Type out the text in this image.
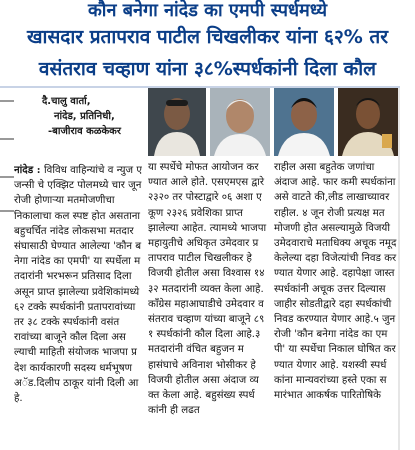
कौन बनेगा नांदेड का एमपी स्पर्धमध्ये
खासदार प्रतापराव पाटील चिखलीकर यांना ६२% तर
वसंतराव चव्हाण यांना ३८%स्पर्धकांनी दिला कौल
दै.चालु वार्ता,
नांदेड, प्रतिनिधी,
-बाजीराव कळकेकर
नांदेड : विविध वाहिन्यांचे व न्युज एजन्सी चे एक्झिट पोलमध्ये चार जून रोजी होणाऱ्या मतमोजणीचा निकालाचा कल स्पष्ट होत असताना बहुचर्चित नांदेड लोकसभा मतदारसंघासाठी घेण्यात आलेल्या 'कौन बनेगा नांदेड का एमपी' या स्पर्धेला मतदारांनी भरभरून प्रतिसाद दिला असून प्राप्त झालेल्या प्रवेशिकांमध्ये ६२ टक्के स्पर्धकांनी प्रतापरावांच्या तर ३८ टक्के स्पर्धकांनी वसंतरावांच्या बाजूने कौल दिला असल्याची माहिती संयोजक भाजपा प्रदेश कार्यकारणी सदस्य धर्मभूषण अॅड.दिलीप ठाकूर यांनी दिली आहे.
या स्पर्धेचे मोफत आयोजन करण्यात आले होते. एसएमएस द्वारे २३२० तर पोस्टाद्वारे ०६ अशा एकूण २३२६ प्रवेशिका प्राप्त झालेल्या आहेत. त्यामध्ये भाजपा महायुतीचे अधिकृत उमेदवार प्रतापराव पाटील चिखलीकर हे विजयी होतील असा विश्वास १४३२ मतदारांनी व्यक्त केला आहे. काँग्रेस महाआघाडीचे उमेदवार वसंतराव चव्हाण यांच्या बाजूने ८९१ स्पर्धकांनी कौल दिला आहे.३ मतदारांनी वंचित बहुजन महासंघाचे अविनाश भोसीकर हे विजयी होतील असा अंदाज व्यक्त केला आहे. बहुसंख्य स्पर्धकांनी ही लढत
राहील असा बहुतेक जणांचा अंदाज आहे. फार कमी स्पर्धकांना असे वाटते की,लीड लाखाच्यावर राहील. ४ जून रोजी प्रत्यक्ष मतमोजणी होत असल्यामुळे विजयी उमेदवाराचे मताधिक्य अचूक नमूद केलेल्या दहा विजेत्यांची निवड करण्यात येणार आहे. दहापेक्षा जास्त स्पर्धकांनी अचूक उत्तर दिल्यास जाहीर सोडतीद्वारे दहा स्पर्धकांची निवड करण्यात येणार आहे.५ जुन रोजी 'कौन बनेगा नांदेड का एमपी' या स्पर्धेचा निकाल घोषित करण्यात येणार आहे. यशस्वी स्पर्धकांना मान्यवरांच्या हस्ते एका समारंभात आकर्षक पारितोषिके
